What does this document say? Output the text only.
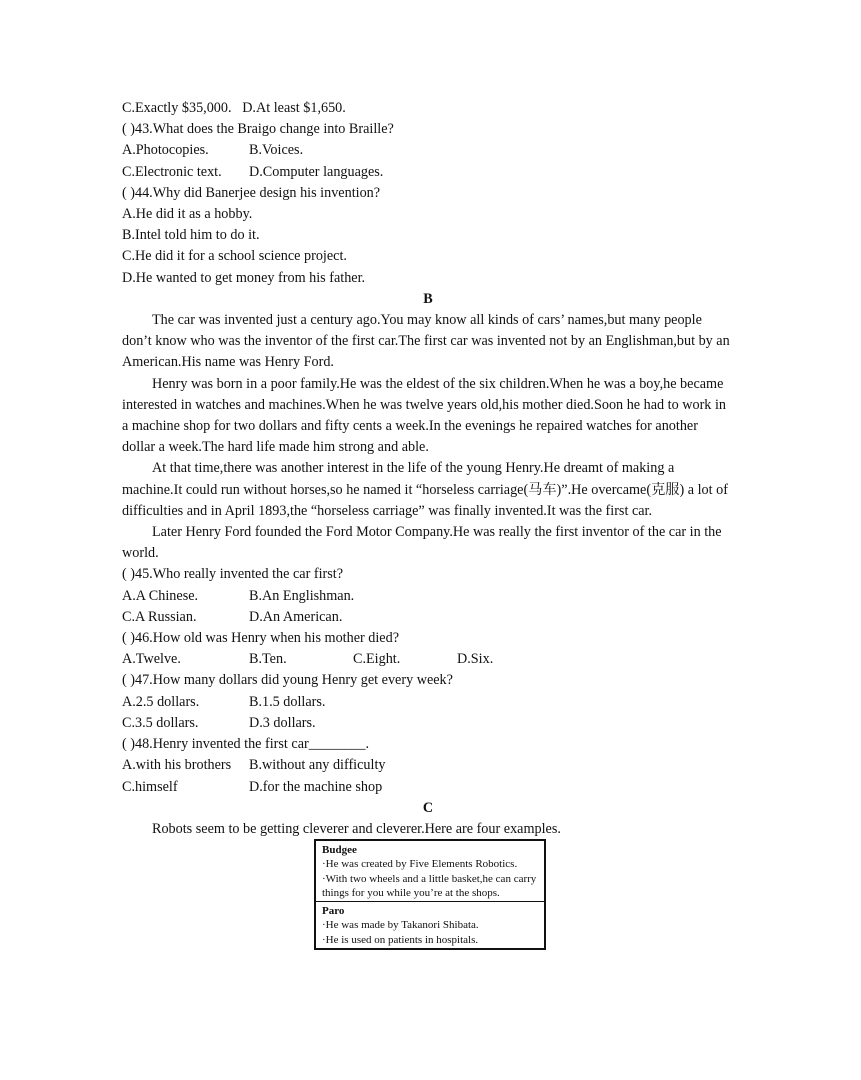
C.Exactly $35,000. D.At least $1,650.
( )43.What does the Braigo change into Braille?
A.Photocopies.	B.Voices.
C.Electronic text.	D.Computer languages.
( )44.Why did Banerjee design his invention?
A.He did it as a hobby.
B.Intel told him to do it.
C.He did it for a school science project.
D.He wanted to get money from his father.
B

The car was invented just a century ago.You may know all kinds of cars’ names,but many people don’t know who was the inventor of the first car.The first car was invented not by an Englishman,but by an American.His name was Henry Ford.

Henry was born in a poor family.He was the eldest of the six children.When he was a boy,he became interested in watches and machines.When he was twelve years old,his mother died.Soon he had to work in a machine shop for two dollars and fifty cents a week.In the evenings he repaired watches for another dollar a week.The hard life made him strong and able.

At that time,there was another interest in the life of the young Henry.He dreamt of making a machine.It could run without horses,so he named it “horseless carriage(马车)”.He overcame(克服) a lot of difficulties and in April 1893,the “horseless carriage” was finally invented.It was the first car.

Later Henry Ford founded the Ford Motor Company.He was really the first inventor of the car in the world.

( )45.Who really invented the car first?
A.A Chinese.	B.An Englishman.
C.A Russian.	D.An American.
( )46.How old was Henry when his mother died?
A.Twelve.	B.Ten.	C.Eight.	D.Six.
( )47.How many dollars did young Henry get every week?
A.2.5 dollars.	B.1.5 dollars.
C.3.5 dollars.	D.3 dollars.
( )48.Henry invented the first car________.
A.with his brothers	B.without any difficulty
C.himself	D.for the machine shop
C
Robots seem to be getting cleverer and cleverer.Here are four examples.
Budgee
·He was created by Five Elements Robotics.
·With two wheels and a little basket,he can carry things for you while you’re at the shops.
Paro
·He was made by Takanori Shibata.
·He is used on patients in hospitals.
